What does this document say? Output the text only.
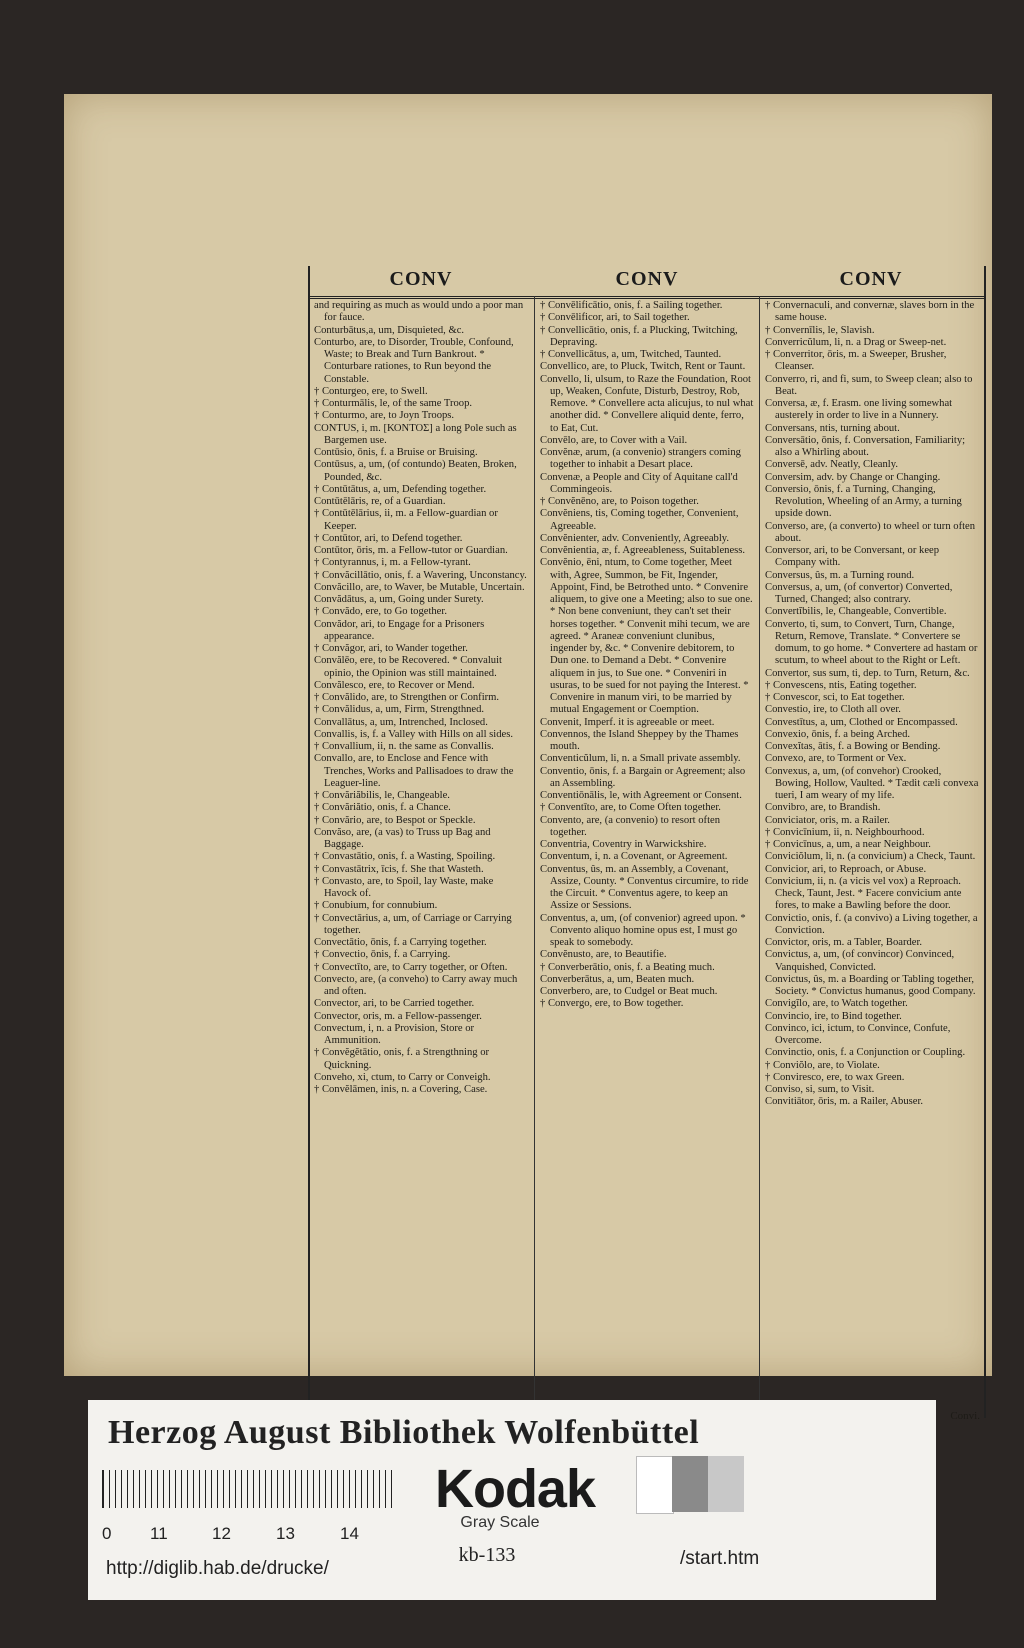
CONV	CONV	CONV

and requiring as much as would undo a poor man for fauce.

Conturbātus,a, um, Disquieted, &c.

Conturbo, are, to Disorder, Trouble, Confound, Waste; to Break and Turn Bankrout. * Conturbare rationes, to Run beyond the Constable.

† Conturgeo, ere, to Swell.

† Conturmālis, le, of the same Troop.

† Conturmo, are, to Joyn Troops.

CONTUS, i, m. [ΚΟΝΤΟΣ] a long Pole such as Bargemen use.

Contūsio, ōnis, f. a Bruise or Bruising.

Contūsus, a, um, (of contundo) Beaten, Broken, Pounded, &c.

† Contūtātus, a, um, Defending together.

Contūtēlāris, re, of a Guardian.

† Contūtēlārius, ii, m. a Fellow-guardian or Keeper.

† Contūtor, ari, to Defend together.

Contūtor, ōris, m. a Fellow-tutor or Guardian.

† Contyrannus, i, m. a Fellow-tyrant.

† Convăcillātio, onis, f. a Wavering, Unconstancy.

Convăcillo, are, to Waver, be Mutable, Uncertain.

Convădātus, a, um, Going under Surety.

† Convădo, ere, to Go together.

Convădor, ari, to Engage for a Prisoners appearance.

† Convăgor, ari, to Wander together.

Convălēo, ere, to be Recovered. * Convaluit opinio, the Opinion was still maintained.

Convălesco, ere, to Recover or Mend.

† Convălido, are, to Strengthen or Confirm.

† Convălidus, a, um, Firm, Strengthned.

Convallātus, a, um, Intrenched, Inclosed.

Convallis, is, f. a Valley with Hills on all sides.

† Convallium, ii, n. the same as Convallis.

Convallo, are, to Enclose and Fence with Trenches, Works and Pallisadoes to draw the Leaguer-line.

† Convăriăbilis, le, Changeable.

† Convăriătio, onis, f. a Chance.

† Convărio, are, to Bespot or Speckle.

Convăso, are, (a vas) to Truss up Bag and Baggage.

† Convastātio, onis, f. a Wasting, Spoiling.

† Convastātrix, īcis, f. She that Wasteth.

† Convasto, are, to Spoil, lay Waste, make Havock of.

† Conubium, for connubium.

† Convectārius, a, um, of Carriage or Carrying together.

Convectātio, ōnis, f. a Carrying together.

† Convectio, ōnis, f. a Carrying.

† Convectīto, are, to Carry together, or Often.

Convecto, are, (a conveho) to Carry away much and often.

Convector, ari, to be Carried together.

Convector, oris, m. a Fellow-passenger.

Convectum, i, n. a Provision, Store or Ammunition.

† Convĕgĕtātio, onis, f. a Strengthning or Quickning.

Conveho, xi, ctum, to Carry or Conveigh.

† Convĕlāmen, inis, n. a Covering, Case.

† Convēlificātio, onis, f. a Sailing together.

† Convēlificor, ari, to Sail together.

† Convellicātio, onis, f. a Plucking, Twitching, Depraving.

† Convellicātus, a, um, Twitched, Taunted.

Convellico, are, to Pluck, Twitch, Rent or Taunt.

Convello, li, ulsum, to Raze the Foundation, Root up, Weaken, Confute, Disturb, Destroy, Rob, Remove. * Convellere acta alicujus, to nul what another did. * Convellere aliquid dente, ferro, to Eat, Cut.

Convēlo, are, to Cover with a Vail.

Convĕnæ, arum, (a convenio) strangers coming together to inhabit a Desart place.

Convenæ, a People and City of Aquitane call'd Commingeois.

† Convĕnēno, are, to Poison together.

Convĕniens, tis, Coming together, Convenient, Agreeable.

Convĕnienter, adv. Conveniently, Agreeably.

Convĕnientia, æ, f. Agreeableness, Suitableness.

Convĕnio, ēni, ntum, to Come together, Meet with, Agree, Summon, be Fit, Ingender, Appoint, Find, be Betrothed unto. * Convenire aliquem, to give one a Meeting; also to sue one. * Non bene conveniunt, they can't set their horses together. * Convenit mihi tecum, we are agreed. * Araneæ conveniunt clunibus, ingender by, &c. * Convenire debitorem, to Dun one. to Demand a Debt. * Convenire aliquem in jus, to Sue one. * Conveniri in usuras, to be sued for not paying the Interest. * Convenire in manum viri, to be married by mutual Engagement or Coemption.

Convenit, Imperf. it is agreeable or meet.

Convennos, the Island Sheppey by the Thames mouth.

Conventicŭlum, li, n. a Small private assembly.

Conventio, ōnis, f. a Bargain or Agreement; also an Assembling.

Conventiōnālis, le, with Agreement or Consent.

† Conventīto, are, to Come Often together.

Convento, are, (a convenio) to resort often together.

Conventria, Coventry in Warwickshire.

Conventum, i, n. a Covenant, or Agreement.

Conventus, ûs, m. an Assembly, a Covenant, Assize, County. * Conventus circumire, to ride the Circuit. * Conventus agere, to keep an Assize or Sessions.

Conventus, a, um, (of convenior) agreed upon. * Convento aliquo homine opus est, I must go speak to somebody.

Convĕnusto, are, to Beautifie.

† Converberātio, onis, f. a Beating much.

Converberātus, a, um, Beaten much.

Converbero, are, to Cudgel or Beat much.

† Convergo, ere, to Bow together.

† Convernaculi, and convernæ, slaves born in the same house.

† Convernīlis, le, Slavish.

Converricŭlum, li, n. a Drag or Sweep-net.

† Converritor, ōris, m. a Sweeper, Brusher, Cleanser.

Converro, ri, and fi, sum, to Sweep clean; also to Beat.

Conversa, æ, f. Erasm. one living somewhat austerely in order to live in a Nunnery.

Conversans, ntis, turning about.

Conversātio, ōnis, f. Conversation, Familiarity; also a Whirling about.

Conversē, adv. Neatly, Cleanly.

Conversim, adv. by Change or Changing.

Conversio, ōnis, f. a Turning, Changing, Revolution, Wheeling of an Army, a turning upside down.

Converso, are, (a converto) to wheel or turn often about.

Conversor, ari, to be Conversant, or keep Company with.

Conversus, ûs, m. a Turning round.

Conversus, a, um, (of convertor) Converted, Turned, Changed; also contrary.

Convertĭbilis, le, Changeable, Convertible.

Converto, ti, sum, to Convert, Turn, Change, Return, Remove, Translate. * Convertere se domum, to go home. * Convertere ad hastam or scutum, to wheel about to the Right or Left.

Convertor, sus sum, ti, dep. to Turn, Return, &c.

† Convescens, ntis, Eating together.

† Convescor, sci, to Eat together.

Convestio, ire, to Cloth all over.

Convestītus, a, um, Clothed or Encompassed.

Convexio, ōnis, f. a being Arched.

Convexĭtas, ātis, f. a Bowing or Bending.

Convexo, are, to Torment or Vex.

Convexus, a, um, (of convehor) Crooked, Bowing, Hollow, Vaulted. * Tædit cæli convexa tueri, I am weary of my life.

Convibro, are, to Brandish.

Conviciator, oris, m. a Railer.

† Convicīnium, ii, n. Neighbourhood.

† Convicīnus, a, um, a near Neighbour.

Conviciŏlum, li, n. (a convicium) a Check, Taunt.

Convicior, ari, to Reproach, or Abuse.

Convicium, ii, n. (a vicis vel vox) a Reproach. Check, Taunt, Jest. * Facere convicium ante fores, to make a Bawling before the door.

Convictio, onis, f. (a convivo) a Living together, a Conviction.

Convictor, oris, m. a Tabler, Boarder.

Convictus, a, um, (of convincor) Convinced, Vanquished, Convicted.

Convictus, ûs, m. a Boarding or Tabling together, Society. * Convictus humanus, good Company.

Convigĭlo, are, to Watch together.

Convincio, ire, to Bind together.

Convinco, ici, ictum, to Convince, Confute, Overcome.

Convinctio, onis, f. a Conjunction or Coupling.

† Conviŏlo, are, to Violate.

† Conviresco, ere, to wax Green.

Conviso, si, sum, to Visit.

Convitiātor, ōris, m. a Railer, Abuser.

Convi.
Herzog August Bibliothek Wolfenbüttel
0 11	12	13	14
Kodak
Gray Scale
kb-133
http://diglib.hab.de/drucke/	/start.htm
